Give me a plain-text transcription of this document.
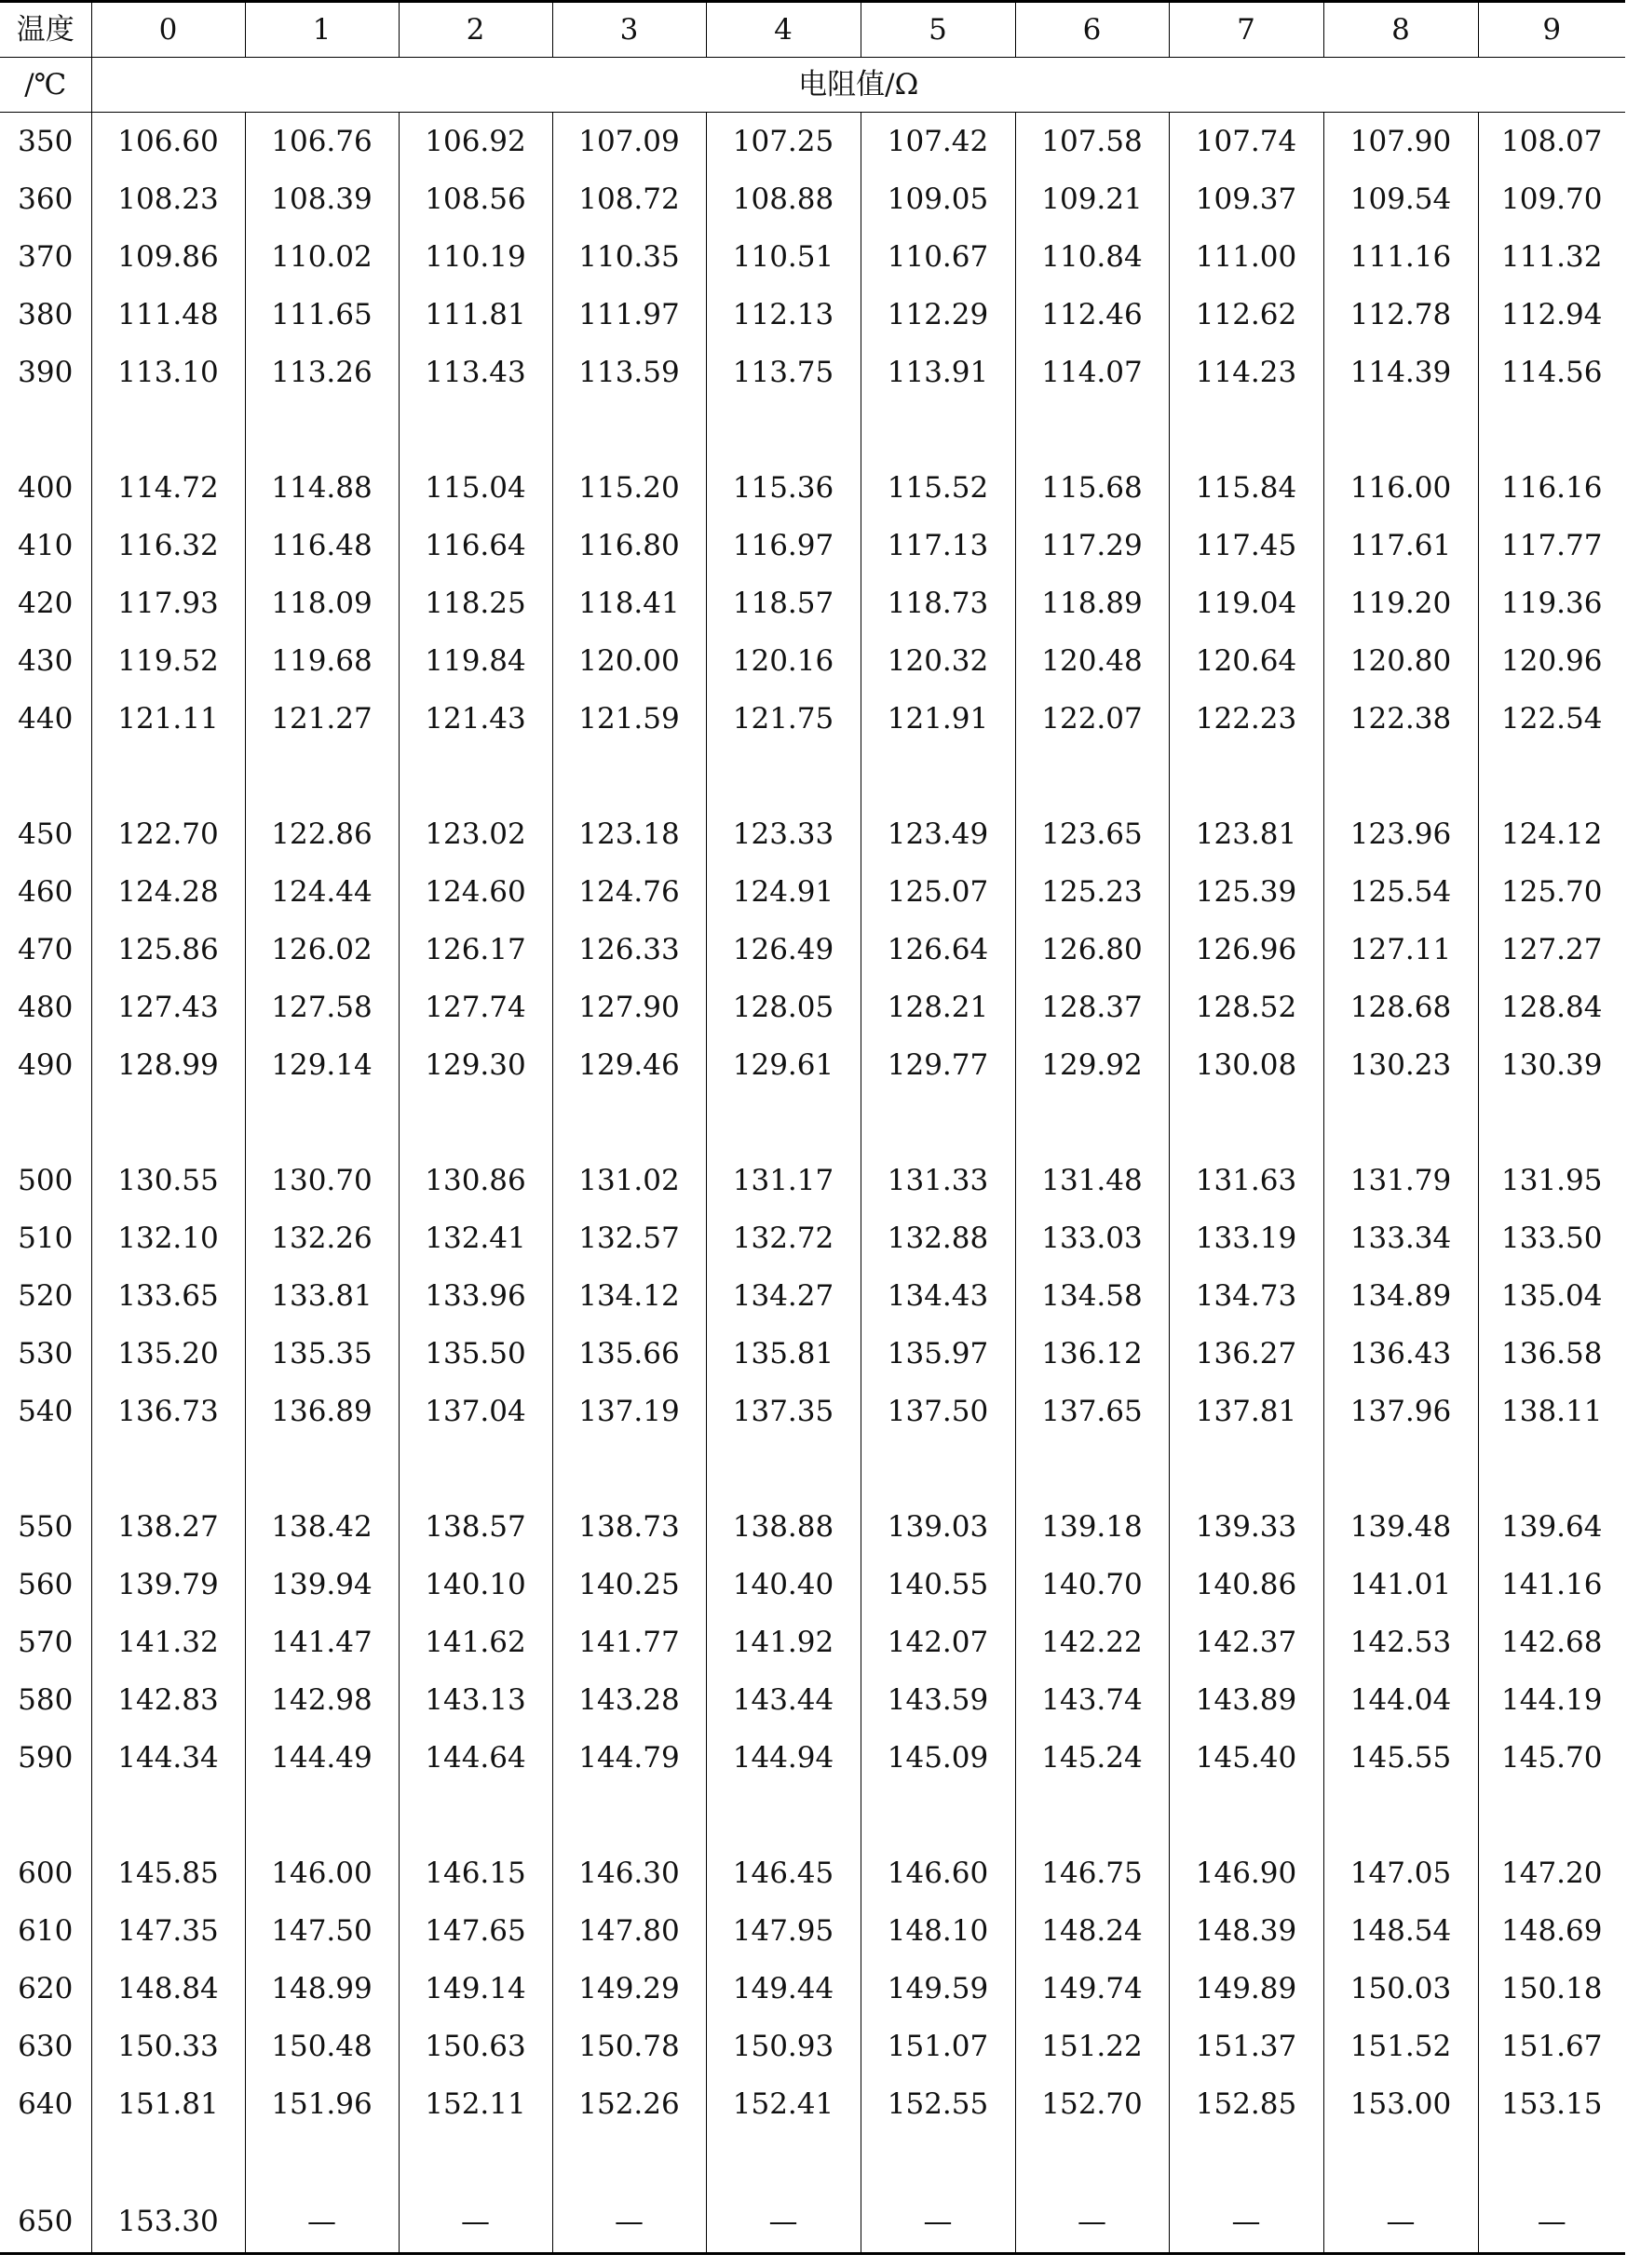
温度	0	1	2	3	4	5	6	7	8	9
/℃	电阻值/Ω									
350	106.60	106.76	106.92	107.09	107.25	107.42	107.58	107.74	107.90	108.07
360	108.23	108.39	108.56	108.72	108.88	109.05	109.21	109.37	109.54	109.70
370	109.86	110.02	110.19	110.35	110.51	110.67	110.84	111.00	111.16	111.32
380	111.48	111.65	111.81	111.97	112.13	112.29	112.46	112.62	112.78	112.94
390	113.10	113.26	113.43	113.59	113.75	113.91	114.07	114.23	114.39	114.56

400	114.72	114.88	115.04	115.20	115.36	115.52	115.68	115.84	116.00	116.16
410	116.32	116.48	116.64	116.80	116.97	117.13	117.29	117.45	117.61	117.77
420	117.93	118.09	118.25	118.41	118.57	118.73	118.89	119.04	119.20	119.36
430	119.52	119.68	119.84	120.00	120.16	120.32	120.48	120.64	120.80	120.96
440	121.11	121.27	121.43	121.59	121.75	121.91	122.07	122.23	122.38	122.54

450	122.70	122.86	123.02	123.18	123.33	123.49	123.65	123.81	123.96	124.12
460	124.28	124.44	124.60	124.76	124.91	125.07	125.23	125.39	125.54	125.70
470	125.86	126.02	126.17	126.33	126.49	126.64	126.80	126.96	127.11	127.27
480	127.43	127.58	127.74	127.90	128.05	128.21	128.37	128.52	128.68	128.84
490	128.99	129.14	129.30	129.46	129.61	129.77	129.92	130.08	130.23	130.39

500	130.55	130.70	130.86	131.02	131.17	131.33	131.48	131.63	131.79	131.95
510	132.10	132.26	132.41	132.57	132.72	132.88	133.03	133.19	133.34	133.50
520	133.65	133.81	133.96	134.12	134.27	134.43	134.58	134.73	134.89	135.04
530	135.20	135.35	135.50	135.66	135.81	135.97	136.12	136.27	136.43	136.58
540	136.73	136.89	137.04	137.19	137.35	137.50	137.65	137.81	137.96	138.11

550	138.27	138.42	138.57	138.73	138.88	139.03	139.18	139.33	139.48	139.64
560	139.79	139.94	140.10	140.25	140.40	140.55	140.70	140.86	141.01	141.16
570	141.32	141.47	141.62	141.77	141.92	142.07	142.22	142.37	142.53	142.68
580	142.83	142.98	143.13	143.28	143.44	143.59	143.74	143.89	144.04	144.19
590	144.34	144.49	144.64	144.79	144.94	145.09	145.24	145.40	145.55	145.70

600	145.85	146.00	146.15	146.30	146.45	146.60	146.75	146.90	147.05	147.20
610	147.35	147.50	147.65	147.80	147.95	148.10	148.24	148.39	148.54	148.69
620	148.84	148.99	149.14	149.29	149.44	149.59	149.74	149.89	150.03	150.18
630	150.33	150.48	150.63	150.78	150.93	151.07	151.22	151.37	151.52	151.67
640	151.81	151.96	152.11	152.26	152.41	152.55	152.70	152.85	153.00	153.15

650	153.30	—	—	—	—	—	—	—	—	—
